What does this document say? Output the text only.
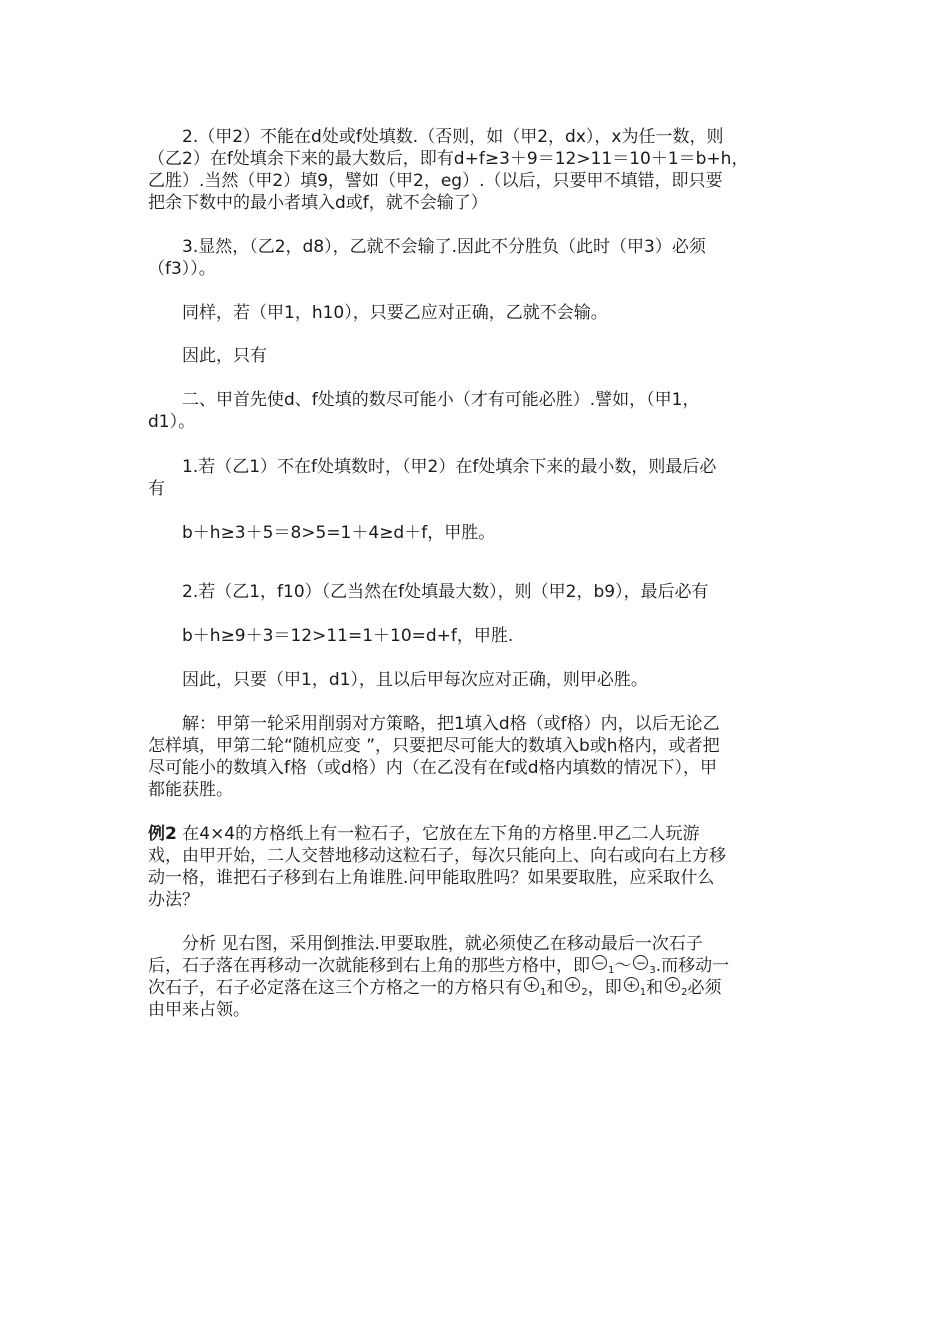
　　2.（甲2）不能在d处或f处填数.（否则，如（甲2，dx），x为任一数，则
（乙2）在f处填余下来的最大数后，即有d+f≥3＋9＝12>11＝10＋1＝b+h，
乙胜）.当然（甲2）填9，譬如（甲2，eg）.（以后，只要甲不填错，即只要
把余下数中的最小者填入d或f，就不会输了）
　　3.显然，（乙2，d8），乙就不会输了.因此不分胜负（此时（甲3）必须
（f3））。
　　同样，若（甲1，h10），只要乙应对正确，乙就不会输。
　　因此，只有
　　二、甲首先使d、f处填的数尽可能小（才有可能必胜）.譬如，（甲1，
d1）。
　　1.若（乙1）不在f处填数时，（甲2）在f处填余下来的最小数，则最后必
有
　　b＋h≥3＋5＝8>5=1＋4≥d＋f，甲胜。
　　2.若（乙1，f10）（乙当然在f处填最大数），则（甲2，b9），最后必有
　　b＋h≥9＋3＝12>11=1＋10=d+f，甲胜.
　　因此，只要（甲1，d1），且以后甲每次应对正确，则甲必胜。
　　解：甲第一轮采用削弱对方策略，把1填入d格（或f格）内，以后无论乙
怎样填，甲第二轮“随机应变 ”，只要把尽可能大的数填入b或h格内，或者把
尽可能小的数填入f格（或d格）内（在乙没有在f或d格内填数的情况下），甲
都能获胜。
例2 在4×4的方格纸上有一粒石子，它放在左下角的方格里.甲乙二人玩游
戏，由甲开始，二人交替地移动这粒石子，每次只能向上、向右或向右上方移
动一格，谁把石子移到右上角谁胜.问甲能取胜吗？如果要取胜，应采取什么
办法？
　　分析 见右图，采用倒推法.甲要取胜，就必须使乙在移动最后一次石子
后，石子落在再移动一次就能移到右上角的那些方格中，即 $-_1\sim -_3$.而移动一
次石子，石子必定落在这三个方格之一的方格只有 $+_1$和 $+_2$，即 $+_1$和 $+_2$必须
由甲来占领。
